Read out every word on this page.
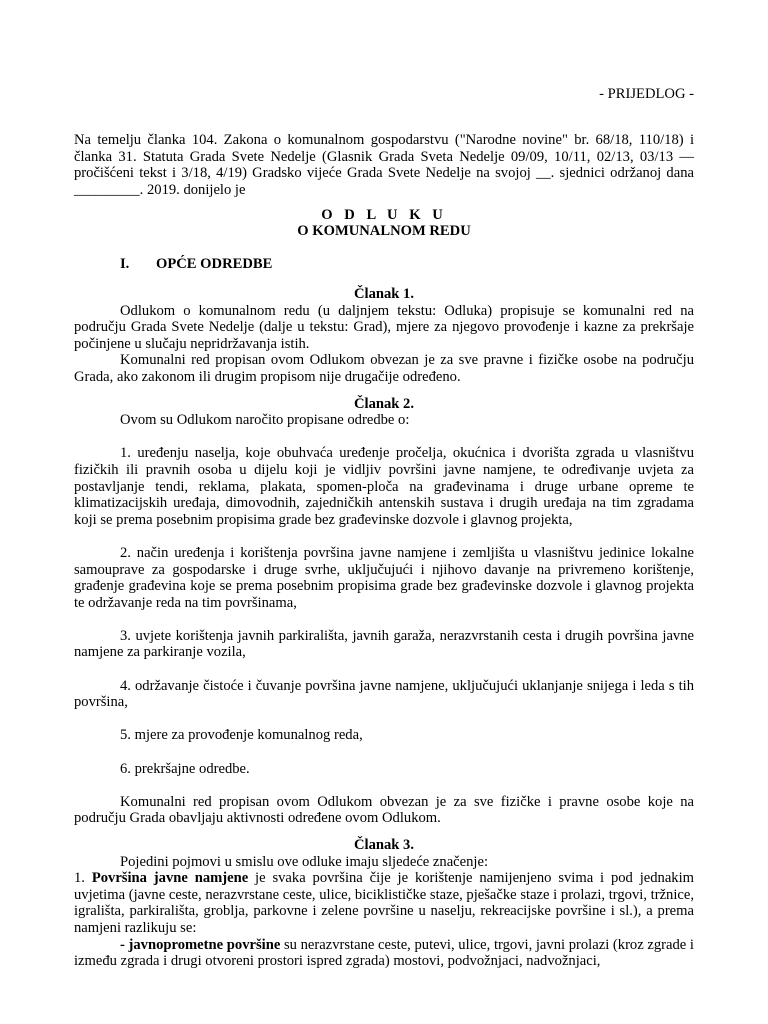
- PRIJEDLOG -

Na temelju članka 104. Zakona o komunalnom gospodarstvu ("Narodne novine" br. 68/18, 110/18) i članka 31. Statuta Grada Svete Nedelje (Glasnik Grada Sveta Nedelje 09/09, 10/11, 02/13, 03/13 — pročišćeni tekst i 3/18, 4/19) Gradsko vijeće Grada Svete Nedelje na svojoj __. sjednici održanoj dana _________. 2019. donijelo je

O D L U K U
O KOMUNALNOM REDU
I. OPĆE ODREDBE

Članak 1.

Odlukom o komunalnom redu (u daljnjem tekstu: Odluka) propisuje se komunalni red na području Grada Svete Nedelje (dalje u tekstu: Grad), mjere za njegovo provođenje i kazne za prekršaje počinjene u slučaju nepridržavanja istih.

Komunalni red propisan ovom Odlukom obvezan je za sve pravne i fizičke osobe na području Grada, ako zakonom ili drugim propisom nije drugačije određeno.

Članak 2.

Ovom su Odlukom naročito propisane odredbe o:

1. uređenju naselja, koje obuhvaća uređenje pročelja, okućnica i dvorišta zgrada u vlasništvu fizičkih ili pravnih osoba u dijelu koji je vidljiv površini javne namjene, te određivanje uvjeta za postavljanje tendi, reklama, plakata, spomen-ploča na građevinama i druge urbane opreme te klimatizacijskih uređaja, dimovodnih, zajedničkih antenskih sustava i drugih uređaja na tim zgradama koji se prema posebnim propisima grade bez građevinske dozvole i glavnog projekta,

2. način uređenja i korištenja površina javne namjene i zemljišta u vlasništvu jedinice lokalne samouprave za gospodarske i druge svrhe, uključujući i njihovo davanje na privremeno korištenje, građenje građevina koje se prema posebnim propisima grade bez građevinske dozvole i glavnog projekta te održavanje reda na tim površinama,

3. uvjete korištenja javnih parkirališta, javnih garaža, nerazvrstanih cesta i drugih površina javne namjene za parkiranje vozila,

4. održavanje čistoće i čuvanje površina javne namjene, uključujući uklanjanje snijega i leda s tih površina,

5. mjere za provođenje komunalnog reda,

6. prekršajne odredbe.

Komunalni red propisan ovom Odlukom obvezan je za sve fizičke i pravne osobe koje na području Grada obavljaju aktivnosti određene ovom Odlukom.

Članak 3.

Pojedini pojmovi u smislu ove odluke imaju sljedeće značenje:

1. Površina javne namjene je svaka površina čije je korištenje namijenjeno svima i pod jednakim uvjetima (javne ceste, nerazvrstane ceste, ulice, biciklističke staze, pješačke staze i prolazi, trgovi, tržnice, igrališta, parkirališta, groblja, parkovne i zelene površine u naselju, rekreacijske površine i sl.), a prema namjeni razlikuju se:

- javnoprometne površine su nerazvrstane ceste, putevi, ulice, trgovi, javni prolazi (kroz zgrade i između zgrada i drugi otvoreni prostori ispred zgrada) mostovi, podvožnjaci, nadvožnjaci,
